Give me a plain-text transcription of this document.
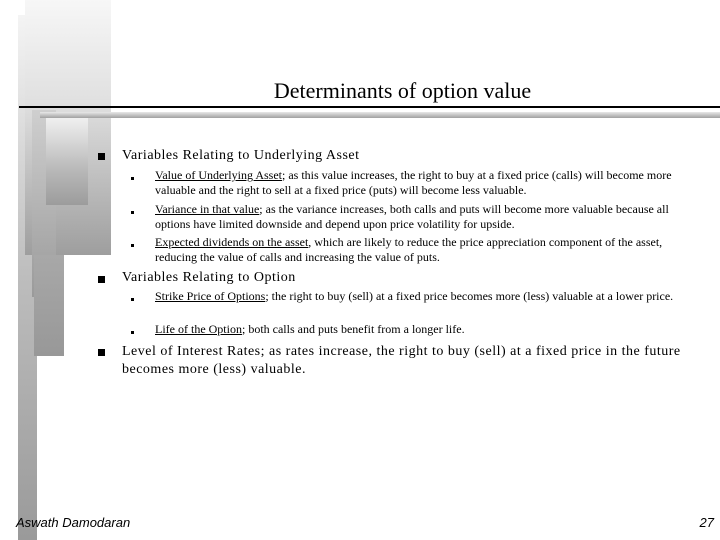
Determinants of option value
Variables Relating to Underlying Asset
Value of Underlying Asset; as this value increases, the right to buy at a fixed price (calls) will become more valuable and the right to sell at a fixed price (puts) will become less valuable.
Variance in that value; as the variance increases, both calls and puts will become more valuable because all options have limited downside and depend upon price volatility for upside.
Expected dividends on the asset, which are likely to reduce the price appreciation component of the asset, reducing the value of calls and increasing the value of puts.
Variables Relating to Option
Strike Price of Options; the right to buy (sell) at a fixed price becomes more (less) valuable at a lower price.
Life of the Option; both calls and puts benefit from a longer life.
Level of Interest Rates; as rates increase, the right to buy (sell) at a fixed price in the future becomes more (less) valuable.
Aswath Damodaran	27
